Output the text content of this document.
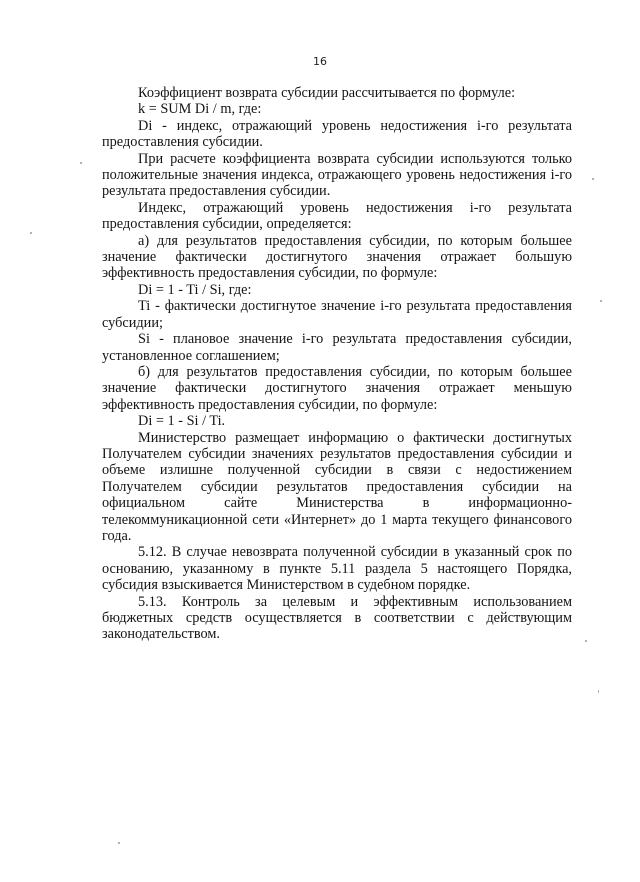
16

Коэффициент возврата субсидии рассчитывается по формуле:

k = SUM Di / m, где:

Di - индекс, отражающий уровень недостижения i-го результата предоставления субсидии.

При расчете коэффициента возврата субсидии используются только положительные значения индекса, отражающего уровень недостижения i-го результата предоставления субсидии.

Индекс, отражающий уровень недостижения i-го результата предоставления субсидии, определяется:

а) для результатов предоставления субсидии, по которым большее значение фактически достигнутого значения отражает большую эффективность предоставления субсидии, по формуле:

Di = 1 - Ti / Si, где:

Ti - фактически достигнутое значение i-го результата предоставления субсидии;

Si - плановое значение i-го результата предоставления субсидии, установленное соглашением;

б) для результатов предоставления субсидии, по которым большее значение фактически достигнутого значения отражает меньшую эффективность предоставления субсидии, по формуле:

Di = 1 - Si / Ti.

Министерство размещает информацию о фактически достигнутых Получателем субсидии значениях результатов предоставления субсидии и объеме излишне полученной субсидии в связи с недостижением Получателем субсидии результатов предоставления субсидии на официальном сайте Министерства в информационно-телекоммуникационной сети «Интернет» до 1 марта текущего финансового года.

5.12. В случае невозврата полученной субсидии в указанный срок по основанию, указанному в пункте 5.11 раздела 5 настоящего Порядка, субсидия взыскивается Министерством в судебном порядке.

5.13. Контроль за целевым и эффективным использованием бюджетных средств осуществляется в соответствии с действующим законодательством.
